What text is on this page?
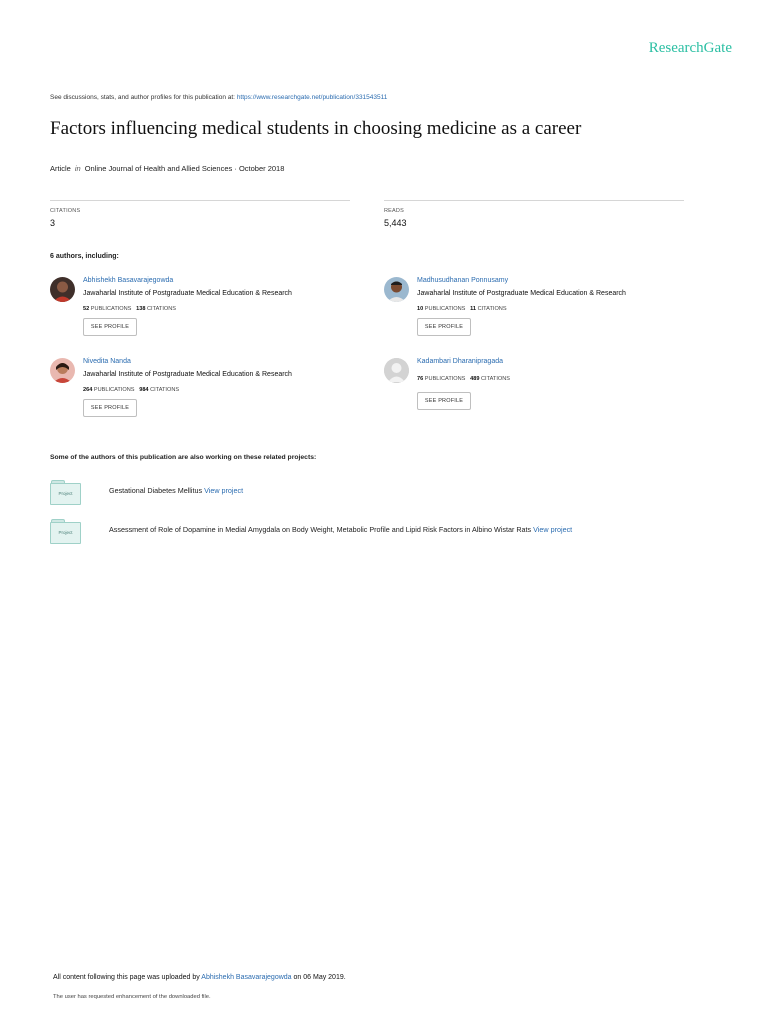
ResearchGate
See discussions, stats, and author profiles for this publication at: https://www.researchgate.net/publication/331543511
Factors influencing medical students in choosing medicine as a career
Article in Online Journal of Health and Allied Sciences · October 2018
CITATIONS
3
READS
5,443
6 authors, including:
Abhishekh Basavarajegowda
Jawaharlal Institute of Postgraduate Medical Education & Research
52 PUBLICATIONS 138 CITATIONS
SEE PROFILE
Madhusudhanan Ponnusamy
Jawaharlal Institute of Postgraduate Medical Education & Research
10 PUBLICATIONS 11 CITATIONS
SEE PROFILE
Nivedita Nanda
Jawaharlal Institute of Postgraduate Medical Education & Research
264 PUBLICATIONS 984 CITATIONS
SEE PROFILE
Kadambari Dharanipragada
76 PUBLICATIONS 489 CITATIONS
SEE PROFILE
Some of the authors of this publication are also working on these related projects:
Project	Gestational Diabetes Mellitus View project
Project	Assessment of Role of Dopamine in Medial Amygdala on Body Weight, Metabolic Profile and Lipid Risk Factors in Albino Wistar Rats View project
All content following this page was uploaded by Abhishekh Basavarajegowda on 06 May 2019.
The user has requested enhancement of the downloaded file.
